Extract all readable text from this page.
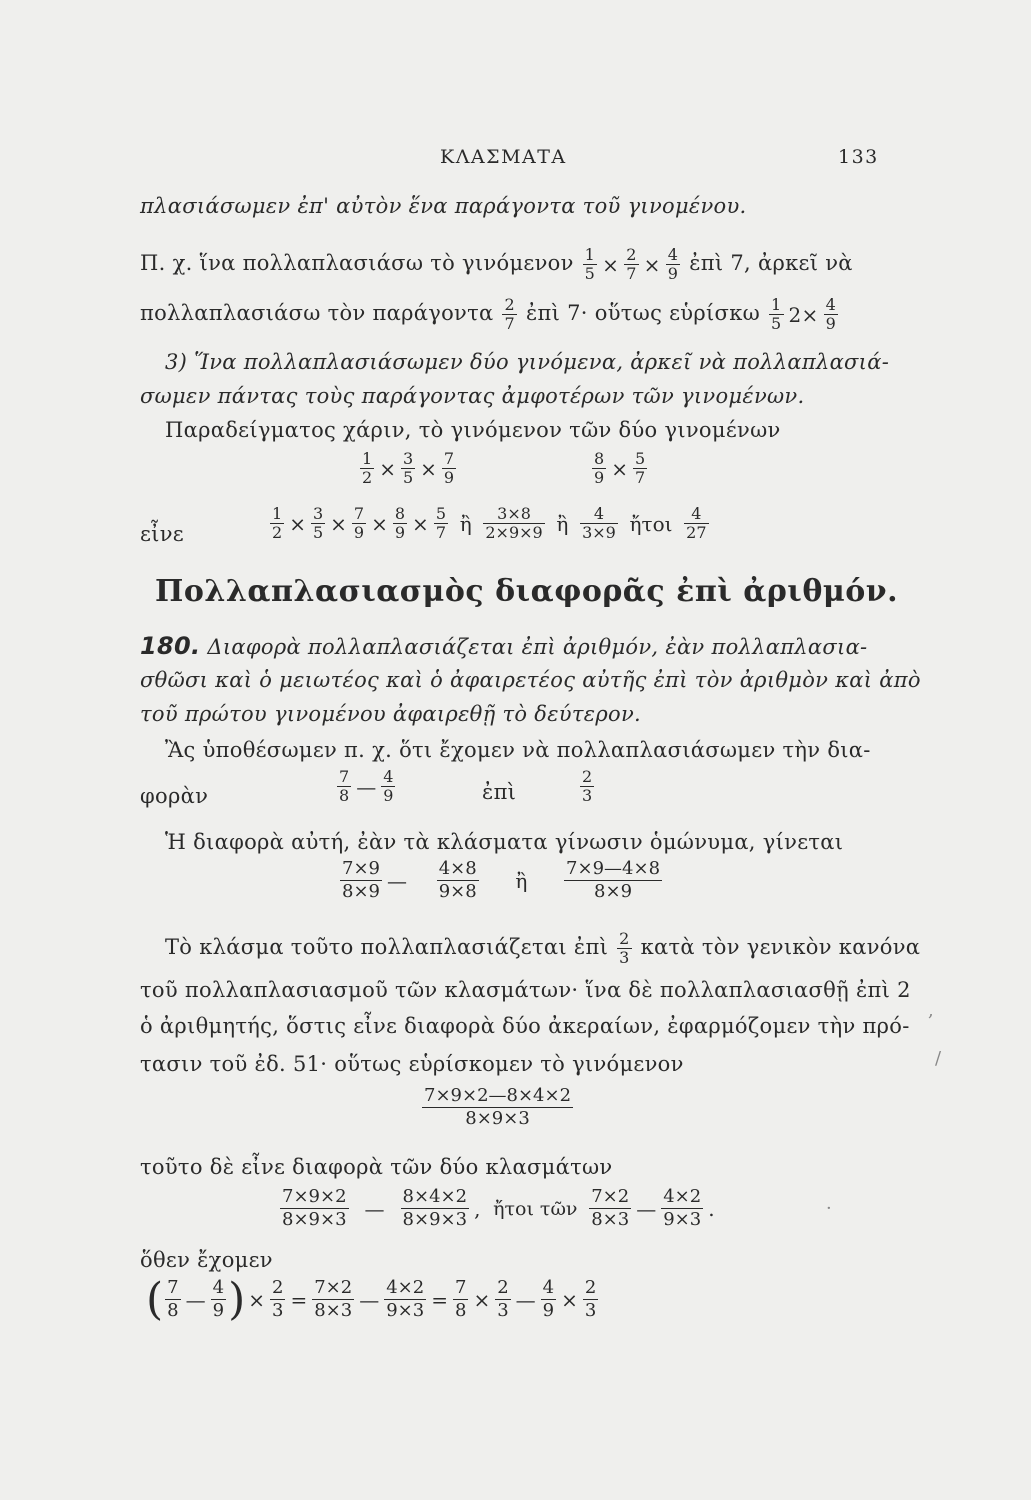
ΚΛΑΣΜΑΤΑ	133
πλασιάσωμεν ἐπ' αὐτὸν ἕνα παράγοντα τοῦ γινομένου.
Π. χ. ἵνα πολλαπλασιάσω τὸ γινόμενον $\frac{1}{5} \times \frac{2}{7} \times \frac{4}{9}$ ἐπὶ 7, ἀρκεῖ νὰ
πολλαπλασιάσω τὸν παράγοντα $\frac{2}{7}$ ἐπὶ 7· οὕτως εὑρίσκω $\frac{1}{5} 2\times \frac{4}{9}$
3) Ἵνα πολλαπλασιάσωμεν δύο γινόμενα, ἀρκεῖ νὰ πολλαπλασιά-
σωμεν πάντας τοὺς παράγοντας ἀμφοτέρων τῶν γινομένων.
Παραδείγματος χάριν, τὸ γινόμενον τῶν δύο γινομένων
$\frac{1}{2} \times \frac{3}{5} \times \frac{7}{9}$	$\frac{8}{9} \times \frac{5}{7}$
εἶνε	$\frac{1}{2} \times \frac{3}{5} \times \frac{7}{9} \times \frac{8}{9} \times \frac{5}{7}$ ἢ $\frac{3\times 8}{2\times 9\times 9}$ ἢ $\frac{4}{3\times 9}$ ἤτοι $\frac{4}{27}$
Πολλαπλασιασμὸς διαφορᾶς ἐπὶ ἀριθμόν.
180. Διαφορὰ πολλαπλασιάζεται ἐπὶ ἀριθμόν, ἐὰν πολλαπλασια-
σθῶσι καὶ ὁ μειωτέος καὶ ὁ ἀφαιρετέος αὐτῆς ἐπὶ τὸν ἀριθμὸν καὶ ἀπὸ
τοῦ πρώτου γινομένου ἀφαιρεθῇ τὸ δεύτερον.
Ἂς ὑποθέσωμεν π. χ. ὅτι ἔχομεν νὰ πολλαπλασιάσωμεν τὴν δια-
φορὰν	$\frac{7}{8}$ — $\frac{4}{9}$	ἐπὶ	$\frac{2}{3}$
Ἡ διαφορὰ αὐτή, ἐὰν τὰ κλάσματα γίνωσιν ὁμώνυμα, γίνεται
$\frac{7\times 9}{8\times 9}$ — $\frac{4\times 8}{9\times 8}$ ἢ $\frac{7\times 9—4\times 8}{8\times 9}$
Τὸ κλάσμα τοῦτο πολλαπλασιάζεται ἐπὶ $\frac{2}{3}$ κατὰ τὸν γενικὸν κανόνα
τοῦ πολλαπλασιασμοῦ τῶν κλασμάτων· ἵνα δὲ πολλαπλασιασθῇ ἐπὶ 2
ὁ ἀριθμητής, ὅστις εἶνε διαφορὰ δύο ἀκεραίων, ἐφαρμόζομεν τὴν πρό-
τασιν τοῦ ἐδ. 51· οὕτως εὑρίσκομεν τὸ γινόμενον
$\frac{7\times 9\times 2—8\times 4\times 2}{8\times 9\times 3}$
τοῦτο δὲ εἶνε διαφορὰ τῶν δύο κλασμάτων
$\frac{7\times 9\times 2}{8\times 9\times 3}$ — $\frac{8\times 4\times 2}{8\times 9\times 3}$ , ἤτοι τῶν $\frac{7\times 2}{8\times 3}$ — $\frac{4\times 2}{9\times 3}$ .
ὅθεν ἔχομεν
( $\frac{7}{8}$ — $\frac{4}{9}$ ) × $\frac{2}{3} = \frac{7\times 2}{8\times 3}$ — $\frac{4\times 2}{9\times 3} = \frac{7}{8} \times \frac{2}{3}$ — $\frac{4}{9} \times \frac{2}{3}$
,
/
·
